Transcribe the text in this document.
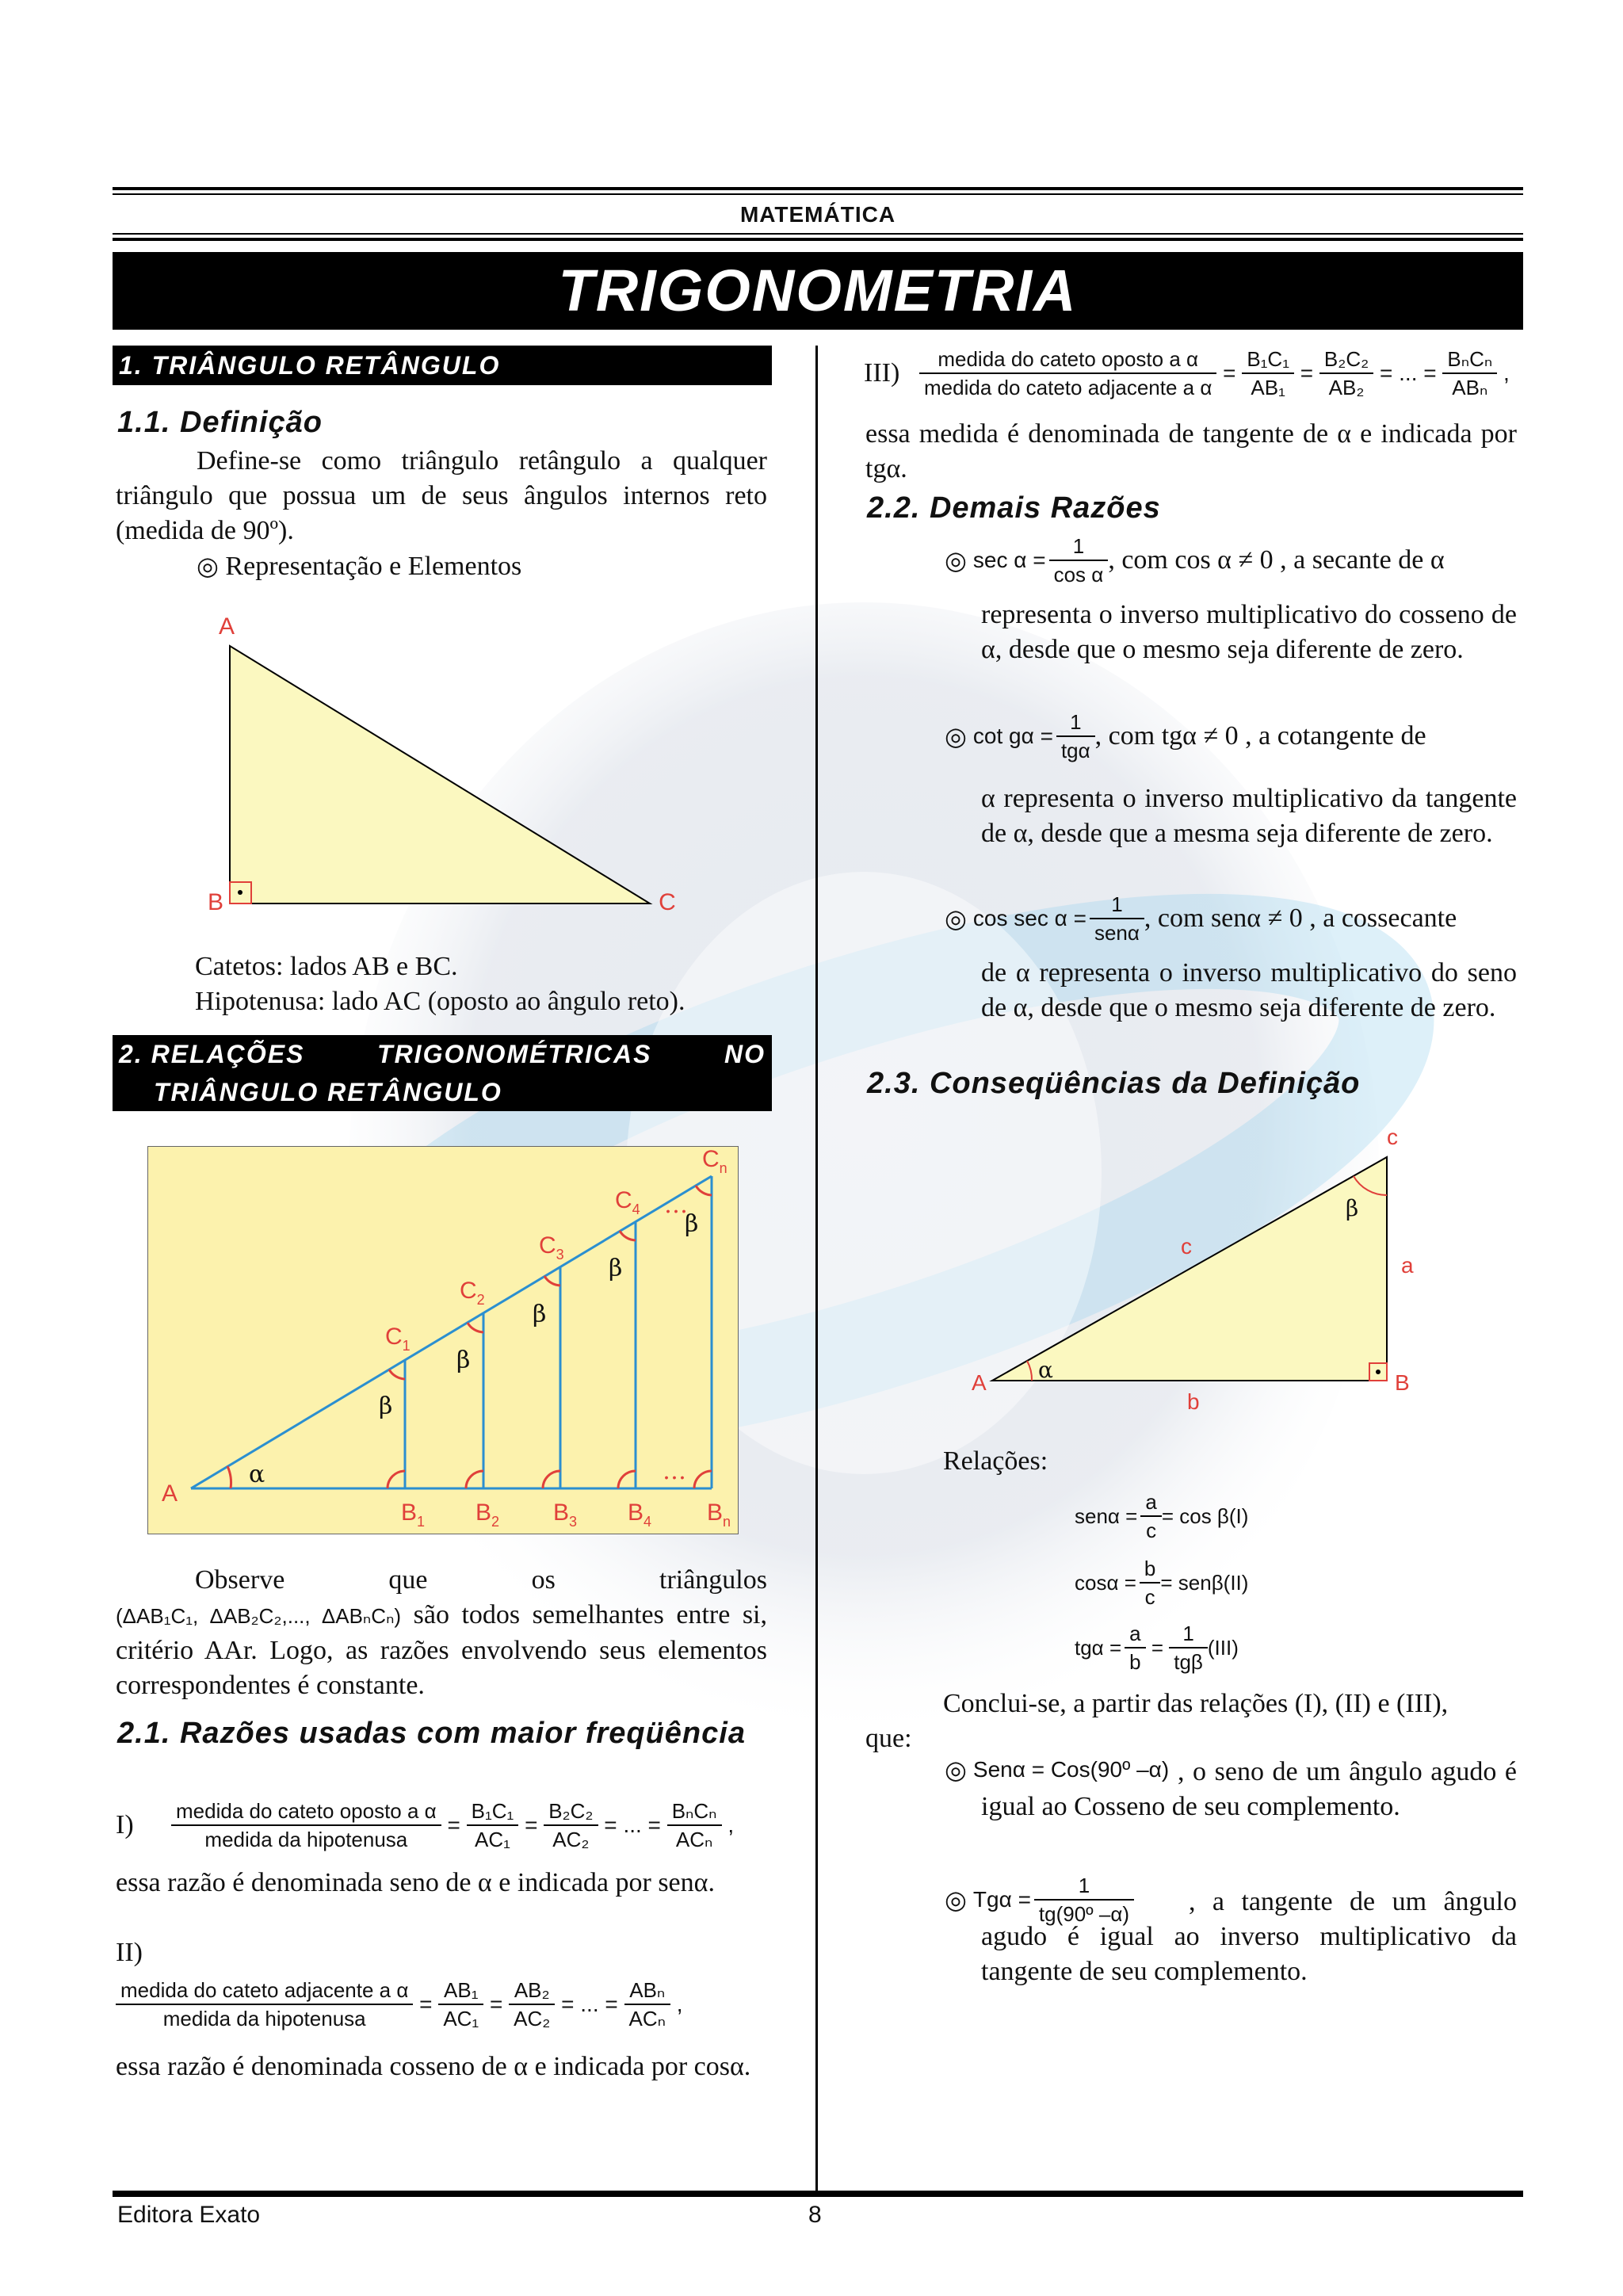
MATEMÁTICA
TRIGONOMETRIA
1. TRIÂNGULO RETÂNGULO
1.1. Definição
Define-se como triângulo retângulo a qualquer triângulo que possua um de seus ângulos internos reto (medida de 90º).
◎ Representação e Elementos
A
B	C
Catetos: lados AB e BC.
Hipotenusa: lado AC (oposto ao ângulo reto).
2. RELAÇÕES	TRIGONOMÉTRICAS	NO
TRIÂNGULO RETÂNGULO
A
$C_1$
$C_2$
$C_3$
$C_4$
$C_n$
$B_1$ $B_2$ $B_3$ $B_4$ $B_n$
α
β
β
β
β
β
…
…
Observe que os triângulos
(ΔAB₁C₁, ΔAB₂C₂,..., ΔABₙCₙ) são todos semelhantes entre si, critério AAr. Logo, as razões envolvendo seus elementos correspondentes é constante.
2.1. Razões usadas com maior freqüência
I)	$\frac{\text{medida do cateto oposto a α}}{\text{medida da hipotenusa}} = \frac{\text{B₁C₁}}{\text{AC₁}} = \frac{\text{B₂C₂}}{\text{AC₂}}$ = ... = $\frac{\text{BₙCₙ}}{\text{ACₙ}}$ ,
essa razão é denominada seno de α e indicada por senα.
II)
$\frac{\text{medida do cateto adjacente a α}}{\text{medida da hipotenusa}} = \frac{\text{AB₁}}{\text{AC₁}} = \frac{\text{AB₂}}{\text{AC₂}}$ = ... = $\frac{\text{ABₙ}}{\text{ACₙ}}$ ,
essa razão é denominada cosseno de α e indicada por cosα.
$III) \frac{\text{medida do cateto oposto a α}}{\text{medida do cateto adjacente a α}} = \frac{\text{B₁C₁}}{\text{AB₁}} = \frac{\text{B₂C₂}}{\text{AB₂}}$ = ... = $\frac{\text{BₙCₙ}}{\text{ABₙ}}$ ,
essa medida é denominada de tangente de α e indicada por tgα.
2.2. Demais Razões
◎
sec α =
$\frac{1}{\text{cos α}}$ , com cos α ≠ 0 , a secante de α
representa o inverso multiplicativo do cosseno de α, desde que o mesmo seja diferente de zero.
◎
cot gα =
$\frac{1}{\text{tgα}}$ , com tgα ≠ 0 , a cotangente de
α representa o inverso multiplicativo da tangente de α, desde que a mesma seja diferente de zero.
◎
cos sec α =
$\frac{1}{\text{senα}}$ , com senα ≠ 0 , a cossecante
de α representa o inverso multiplicativo do seno de α, desde que o mesmo seja diferente de zero.
2.3. Conseqüências da Definição
A	B
c
c
a
b
α
β
Relações:
senα =
$\frac{a}{c} = \cos \beta(I)$
cosα =
$\frac{b}{c} = sen\beta(II)$
tgα =
$\frac{a}{b} = \frac{1}{\text{tgβ}} (III)$
Conclui-se, a partir das relações (I), (II) e (III),
que:
◎
Senα = Cos(90º –α) , o seno de um ângulo agudo é igual ao Cosseno de seu complemento.
◎
Tgα =
$\frac{1}{\text{tg(90º –α)}}$	, a tangente de um ângulo agudo é igual ao inverso multiplicativo da tangente de seu complemento.
Editora Exato	8
